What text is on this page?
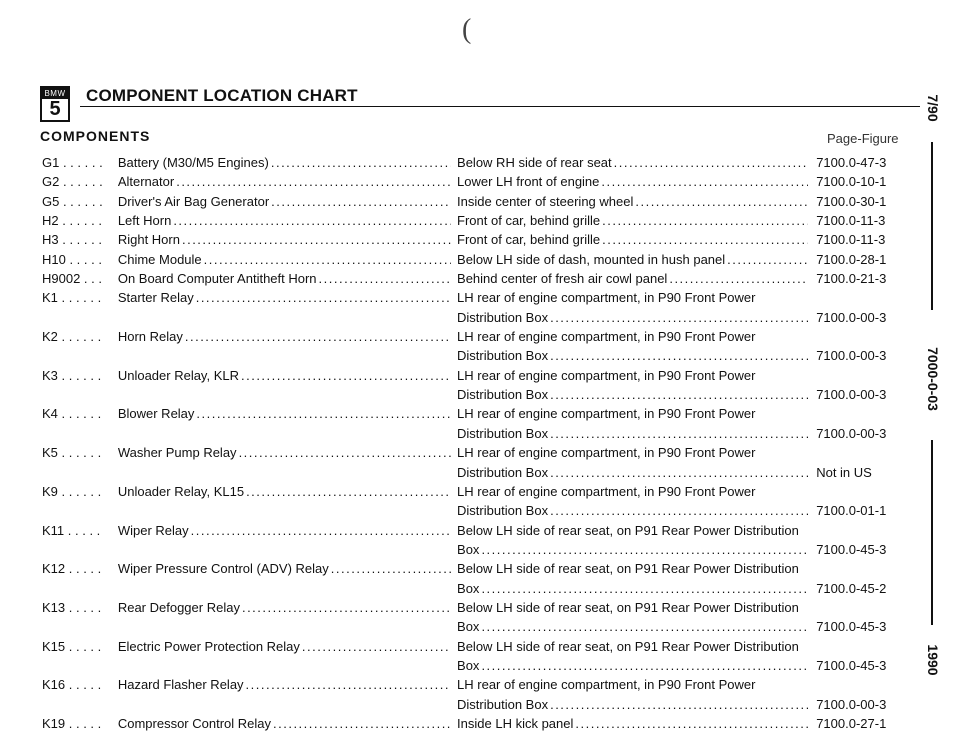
(
BMW
5
COMPONENT LOCATION CHART
COMPONENTS	Page-Figure
G1 . . . . . .	Battery (M30/M5 Engines) .....	Below RH side of rear seat .....	7100.0-47-3
G2 . . . . . .	Alternator .....	Lower LH front of engine .....	7100.0-10-1
G5 . . . . . .	Driver's Air Bag Generator .....	Inside center of steering wheel .....	7100.0-30-1
H2 . . . . . .	Left Horn .....	Front of car, behind grille .....	7100.0-11-3
H3 . . . . . .	Right Horn .....	Front of car, behind grille .....	7100.0-11-3
H10 . . . . .	Chime Module .....	Below LH side of dash, mounted in hush panel .....	7100.0-28-1
H9002 . . .	On Board Computer Antitheft Horn .....	Behind center of fresh air cowl panel .....	7100.0-21-3
K1 . . . . . .	Starter Relay .....	LH rear of engine compartment, in P90 Front Power
Distribution Box .....	7100.0-00-3
K2 . . . . . .	Horn Relay .....	LH rear of engine compartment, in P90 Front Power
Distribution Box .....	7100.0-00-3
K3 . . . . . .	Unloader Relay, KLR .....	LH rear of engine compartment, in P90 Front Power
Distribution Box .....	7100.0-00-3
K4 . . . . . .	Blower Relay .....	LH rear of engine compartment, in P90 Front Power
Distribution Box .....	7100.0-00-3
K5 . . . . . .	Washer Pump Relay .....	LH rear of engine compartment, in P90 Front Power
Distribution Box .....	Not in US
K9 . . . . . .	Unloader Relay, KL15 .....	LH rear of engine compartment, in P90 Front Power
Distribution Box .....	7100.0-01-1
K11 . . . . .	Wiper Relay .....	Below LH side of rear seat, on P91 Rear Power Distribution
Box .....	7100.0-45-3
K12 . . . . .	Wiper Pressure Control (ADV) Relay .....	Below LH side of rear seat, on P91 Rear Power Distribution
Box .....	7100.0-45-2
K13 . . . . .	Rear Defogger Relay .....	Below LH side of rear seat, on P91 Rear Power Distribution
Box .....	7100.0-45-3
K15 . . . . .	Electric Power Protection Relay .....	Below LH side of rear seat, on P91 Rear Power Distribution
Box .....	7100.0-45-3
K16 . . . . .	Hazard Flasher Relay .....	LH rear of engine compartment, in P90 Front Power
Distribution Box .....	7100.0-00-3
K19 . . . . .	Compressor Control Relay .....	Inside LH kick panel .....	7100.0-27-1
7/90
7000-0-03
1990
